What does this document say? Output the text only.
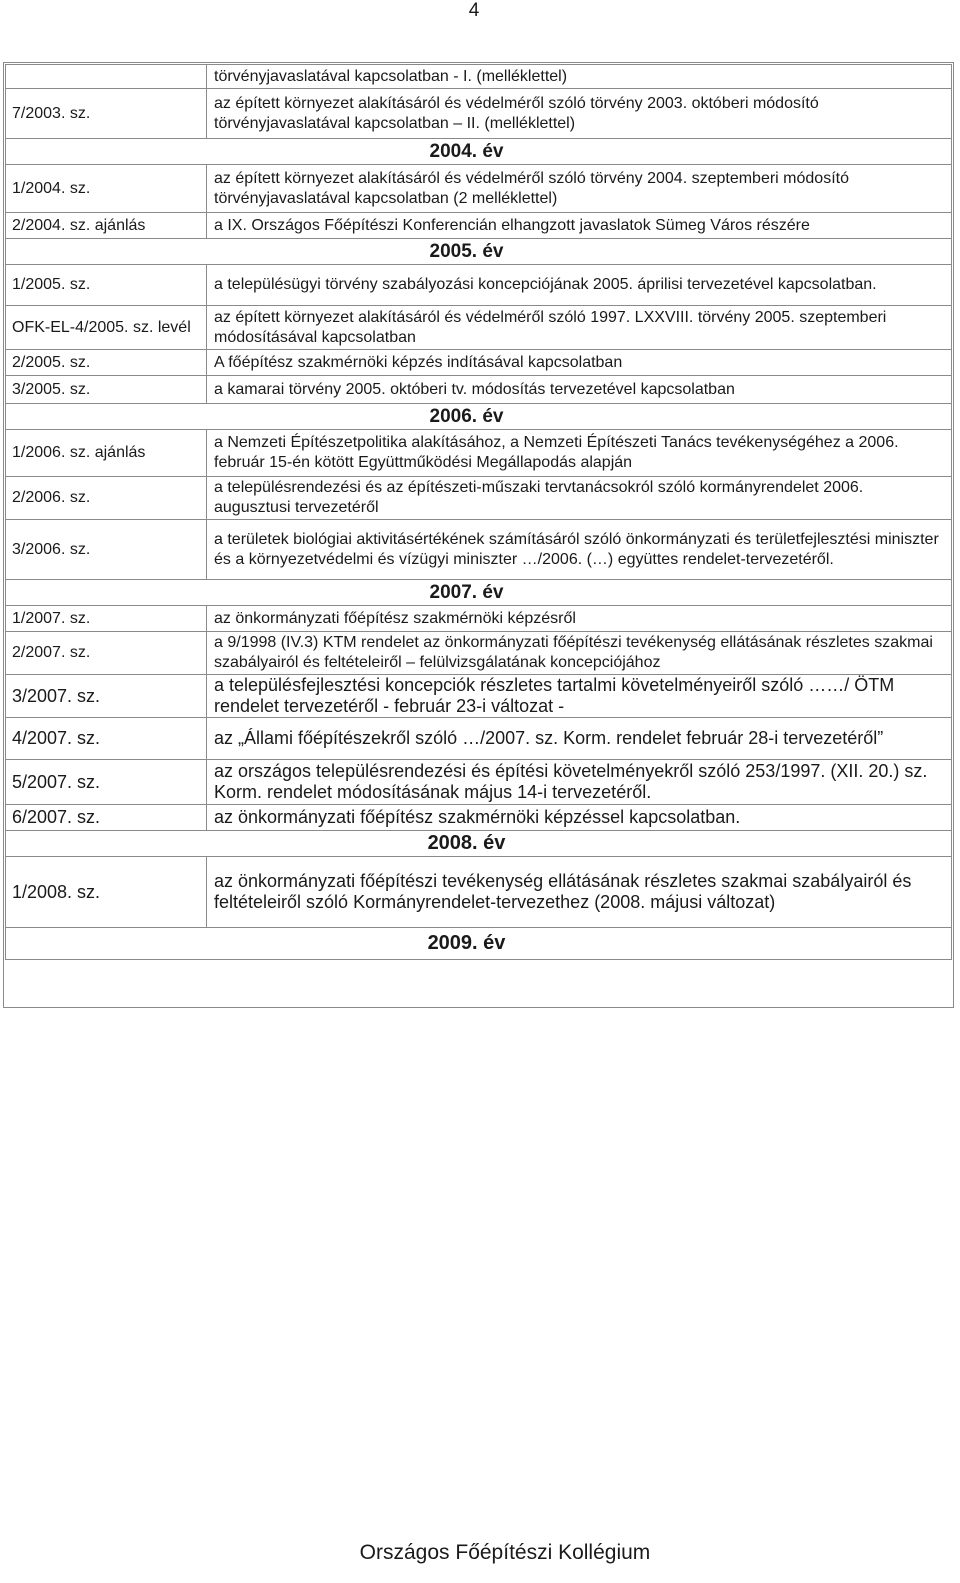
4
	törvényjavaslatával kapcsolatban - I. (melléklettel)
7/2003. sz.	az épített környezet alakításáról és védelméről szóló törvény 2003. októberi módosító törvényjavaslatával kapcsolatban – II. (melléklettel)
2004. év	
1/2004. sz.	az épített környezet alakításáról és védelméről szóló törvény 2004. szeptemberi módosító törvényjavaslatával kapcsolatban (2 melléklettel)
2/2004. sz. ajánlás	a IX. Országos Főépítészi Konferencián elhangzott javaslatok Sümeg Város részére
2005. év	
1/2005. sz.	a településügyi törvény szabályozási koncepciójának 2005. áprilisi tervezetével kapcsolatban.
OFK-EL-4/2005. sz. levél	az épített környezet alakításáról és védelméről szóló 1997. LXXVIII. törvény 2005. szeptemberi módosításával kapcsolatban
2/2005. sz.	A főépítész szakmérnöki képzés indításával kapcsolatban
3/2005. sz.	a kamarai törvény 2005. októberi tv. módosítás tervezetével kapcsolatban
2006. év	
1/2006. sz. ajánlás	a Nemzeti Építészetpolitika alakításához, a Nemzeti Építészeti Tanács tevékenységéhez a 2006. február 15-én kötött Együttműködési Megállapodás alapján
2/2006. sz.	a településrendezési és az építészeti-műszaki tervtanácsokról szóló kormányrendelet 2006. augusztusi tervezetéről
3/2006. sz.	a területek biológiai aktivitásértékének számításáról szóló önkormányzati és területfejlesztési miniszter és a környezetvédelmi és vízügyi miniszter …/2006. (…) együttes rendelet-tervezetéről.
2007. év	
1/2007. sz.	az önkormányzati főépítész szakmérnöki képzésről
2/2007. sz.	a 9/1998 (IV.3) KTM rendelet az önkormányzati főépítészi tevékenység ellátásának részletes szakmai szabályairól és feltételeiről – felülvizsgálatának koncepciójához
3/2007. sz.	a településfejlesztési koncepciók részletes tartalmi követelményeiről szóló ……/ ÖTM rendelet tervezetéről - február 23-i változat -
4/2007. sz.	az „Állami főépítészekről szóló …/2007. sz. Korm. rendelet február 28-i tervezetéről”
5/2007. sz.	az országos településrendezési és építési követelményekről szóló 253/1997. (XII. 20.) sz. Korm. rendelet módosításának május 14-i tervezetéről.
6/2007. sz.	az önkormányzati főépítész szakmérnöki képzéssel kapcsolatban.
2008. év	
1/2008. sz.	az önkormányzati főépítészi tevékenység ellátásának részletes szakmai szabályairól és feltételeiről szóló Kormányrendelet-tervezethez (2008. májusi változat)
2009. év	
Országos Főépítészi Kollégium
